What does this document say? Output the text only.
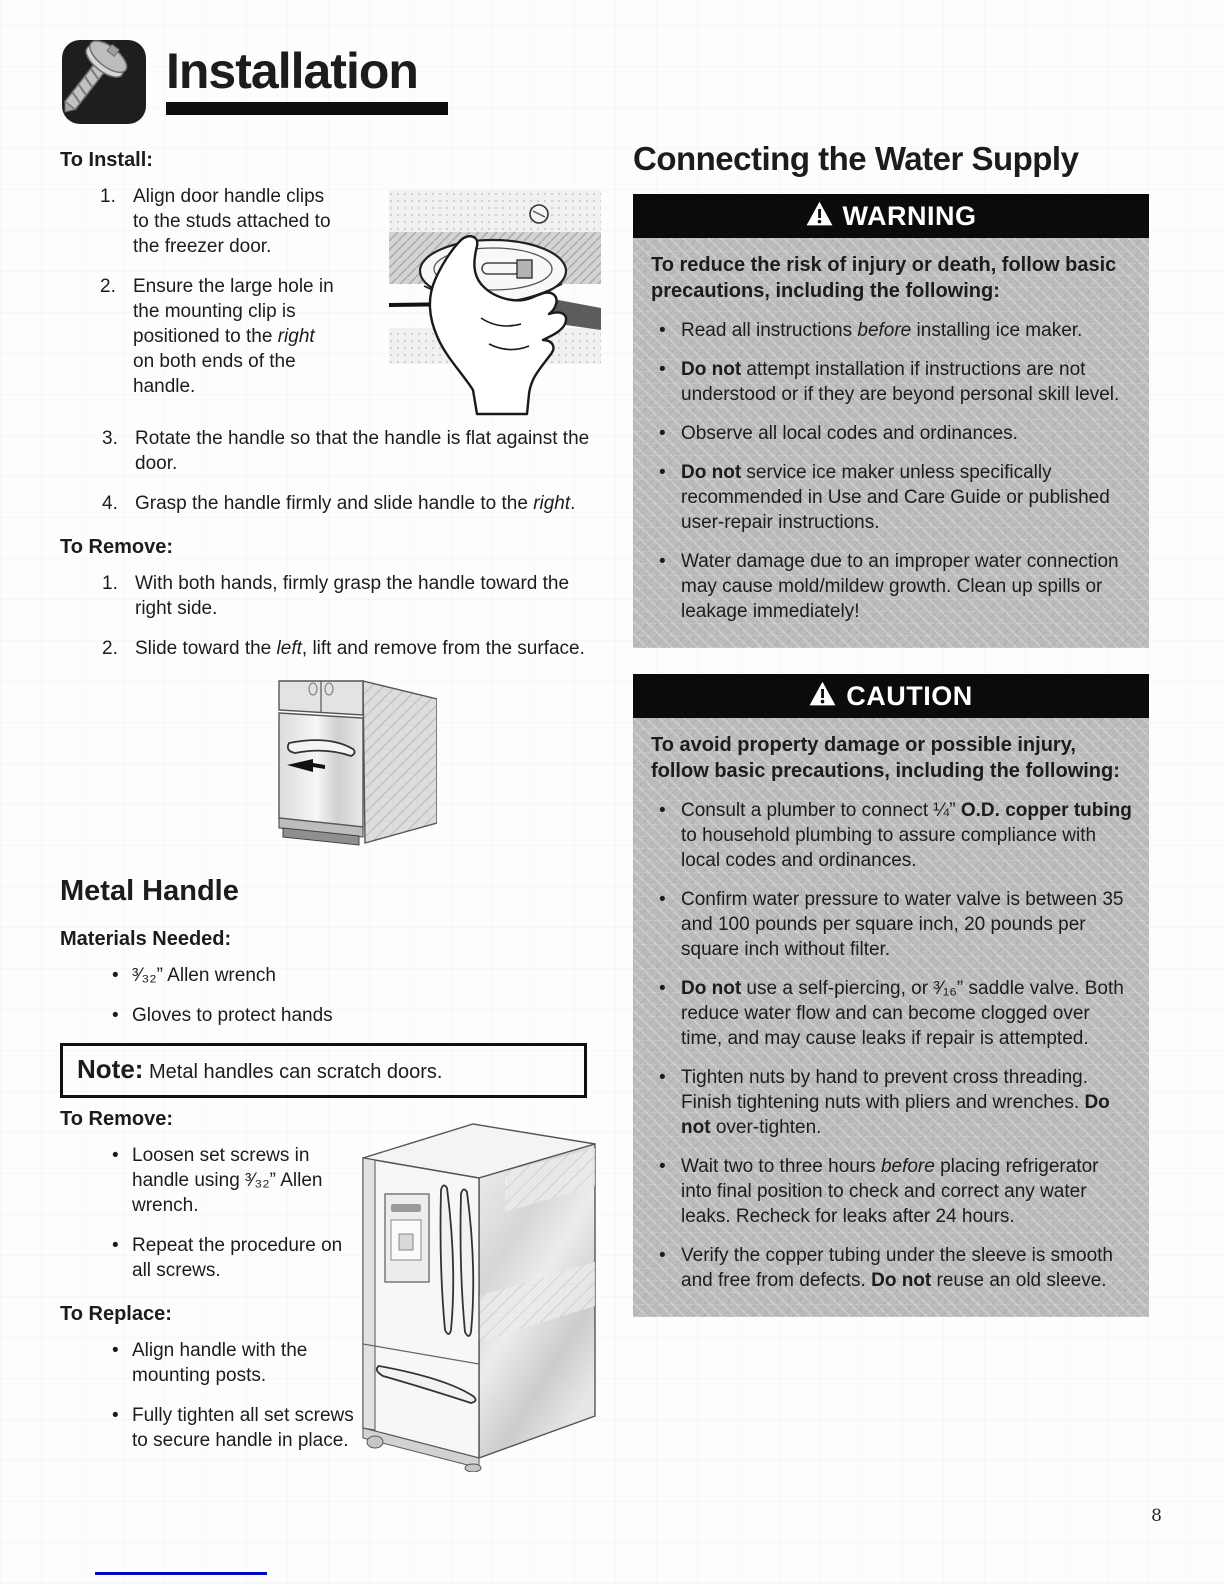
Installation
To Install:
1. Align door handle clips to the studs attached to the freezer door.
2. Ensure the large hole in the mounting clip is positioned to the right on both ends of the handle.
3. Rotate the handle so that the handle is flat against the door.
4. Grasp the handle firmly and slide handle to the right.
To Remove:
1. With both hands, firmly grasp the handle toward the right side.
2. Slide toward the left, lift and remove from the surface.
Metal Handle
Materials Needed:
• ³⁄₃₂” Allen wrench
• Gloves to protect hands
Note: Metal handles can scratch doors.
To Remove:
• Loosen set screws in handle using ³⁄₃₂” Allen wrench.
• Repeat the procedure on all screws.
To Replace:
• Align handle with the mounting posts.
• Fully tighten all set screws to secure handle in place.
Connecting the Water Supply
WARNING
To reduce the risk of injury or death, follow basic precautions, including the following:
• Read all instructions before installing ice maker.
• Do not attempt installation if instructions are not understood or if they are beyond personal skill level.
• Observe all local codes and ordinances.
• Do not service ice maker unless specifically recommended in Use and Care Guide or published user-repair instructions.
• Water damage due to an improper water connection may cause mold/mildew growth. Clean up spills or leakage immediately!
CAUTION
To avoid property damage or possible injury, follow basic precautions, including the following:
• Consult a plumber to connect ¼” O.D. copper tubing to household plumbing to assure compliance with local codes and ordinances.
• Confirm water pressure to water valve is between 35 and 100 pounds per square inch, 20 pounds per square inch without filter.
• Do not use a self-piercing, or ³⁄₁₆” saddle valve. Both reduce water flow and can become clogged over time, and may cause leaks if repair is attempted.
• Tighten nuts by hand to prevent cross threading. Finish tightening nuts with pliers and wrenches. Do not over-tighten.
• Wait two to three hours before placing refrigerator into final position to check and correct any water leaks. Recheck for leaks after 24 hours.
• Verify the copper tubing under the sleeve is smooth and free from defects. Do not reuse an old sleeve.
8
